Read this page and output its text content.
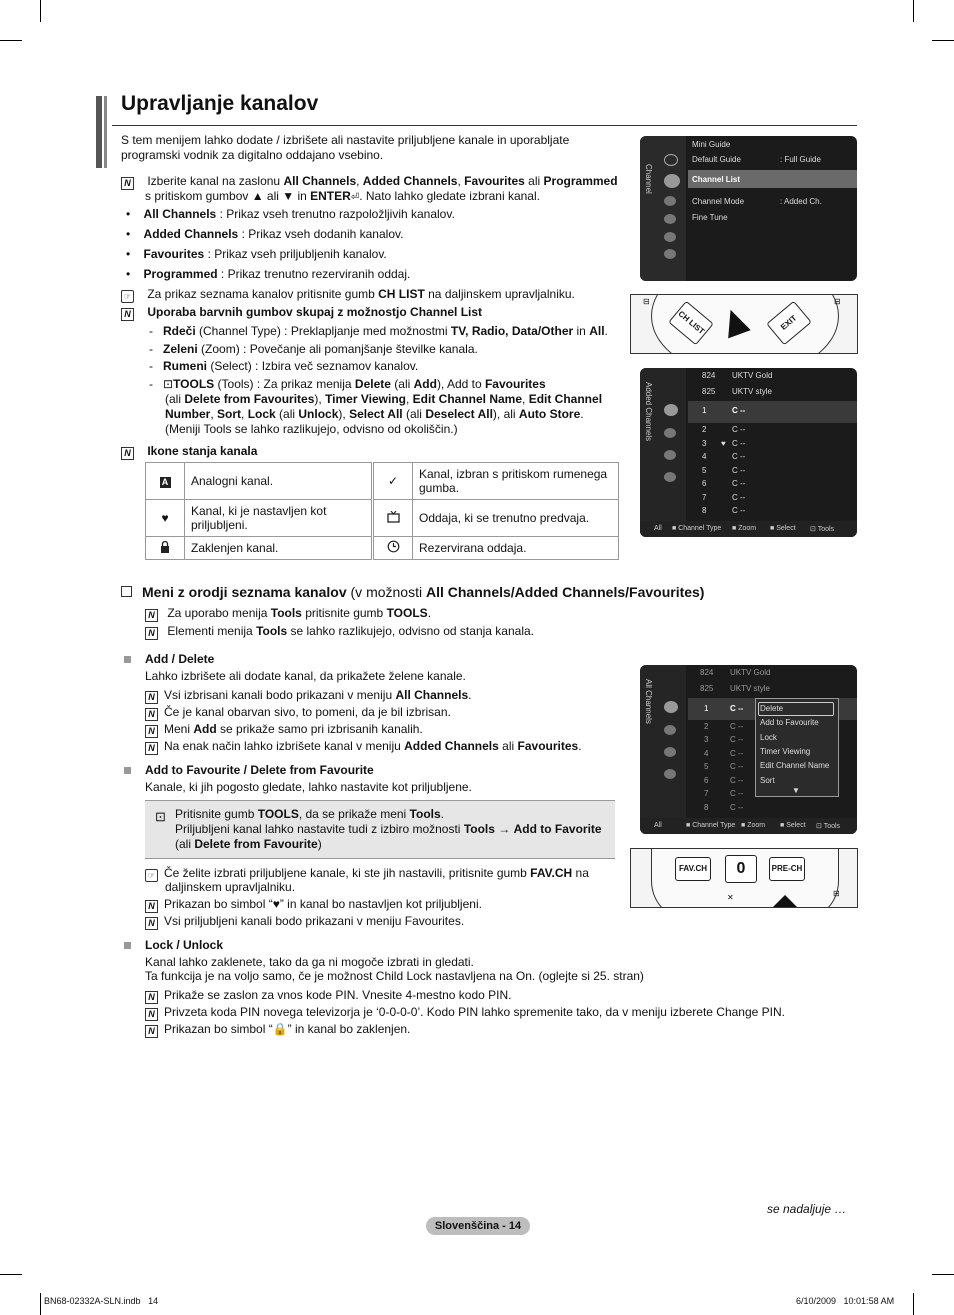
Upravljanje kanalov
S tem menijem lahko dodate / izbrišete ali nastavite priljubljene kanale in uporabljate programski vodnik za digitalno oddajano vsebino.
N Izberite kanal na zaslonu All Channels, Added Channels, Favourites ali Programmed
s pritiskom gumbov ▲ ali ▼ in ENTER⏎. Nato lahko gledate izbrani kanal.
•    All Channels : Prikaz vseh trenutno razpoložljivih kanalov.
•    Added Channels : Prikaz vseh dodanih kanalov.
•    Favourites : Prikaz vseh priljubljenih kanalov.
•    Programmed : Prikaz trenutno rezerviranih oddaj.
☞ Za prikaz seznama kanalov pritisnite gumb CH LIST na daljinskem upravljalniku.
N Uporaba barvnih gumbov skupaj z možnostjo Channel List
-   Rdeči (Channel Type) : Preklapljanje med možnostmi TV, Radio, Data/Other in All.
-   Zeleni (Zoom) : Povečanje ali pomanjšanje številke kanala.
-   Rumeni (Select) : Izbira več seznamov kanalov.
-   ⊡TOOLS (Tools) : Za prikaz menija Delete (ali Add), Add to Favourites
(ali Delete from Favourites), Timer Viewing, Edit Channel Name, Edit Channel
Number, Sort, Lock (ali Unlock), Select All (ali Deselect All), ali Auto Store.
(Meniji Tools se lahko razlikujejo, odvisno od okoliščin.)
N Ikone stanja kanala
A	Analogni kanal.	✓	Kanal, izbran s pritiskom rumenega gumba.
♥	Kanal, ki je nastavljen kot priljubljeni.		Oddaja, ki se trenutno predvaja.
	Zaklenjen kanal.		Rezervirana oddaja.
Meni z orodji seznama kanalov (v možnosti All Channels/Added Channels/Favourites)
N Za uporabo menija Tools pritisnite gumb TOOLS.
N Elementi menija Tools se lahko razlikujejo, odvisno od stanja kanala.
Add / Delete
Lahko izbrišete ali dodate kanal, da prikažete želene kanale.
N Vsi izbrisani kanali bodo prikazani v meniju All Channels.
N Če je kanal obarvan sivo, to pomeni, da je bil izbrisan.
N Meni Add se prikaže samo pri izbrisanih kanalih.
N Na enak način lahko izbrišete kanal v meniju Added Channels ali Favourites.
Add to Favourite / Delete from Favourite
Kanale, ki jih pogosto gledate, lahko nastavite kot priljubljene.
⊡ Pritisnite gumb TOOLS, da se prikaže meni Tools.
Priljubljeni kanal lahko nastavite tudi z izbiro možnosti Tools → Add to Favorite
(ali Delete from Favourite)
☞ Če želite izbrati priljubljene kanale, ki ste jih nastavili, pritisnite gumb FAV.CH na
daljinskem upravljalniku.
N Prikazan bo simbol “♥” in kanal bo nastavljen kot priljubljeni.
N Vsi priljubljeni kanali bodo prikazani v meniju Favourites.
Lock / Unlock
Kanal lahko zaklenete, tako da ga ni mogoče izbrati in gledati.
Ta funkcija je na voljo samo, če je možnost Child Lock nastavljena na On. (oglejte si 25. stran)
N Prikaže se zaslon za vnos kode PIN. Vnesite 4-mestno kodo PIN.
N Privzeta koda PIN novega televizorja je ‘0-0-0-0’. Kodo PIN lahko spremenite tako, da v meniju izberete Change PIN.
N Prikazan bo simbol “🔒” in kanal bo zaklenjen.
Channel
Mini Guide
Default Guide	: Full Guide
Channel List
Channel Mode	: Added Ch.
Fine Tune
CH LIST	EXIT
⊟	⊟
Added Channels
824 UKTV Gold
825 UKTV style
1	C --
2	C --
3 ♥ C --
4	C --
5	C --
6	C --
7	C --
8	C --
All ■ Channel Type ■ Zoom ■ Select ⊡ Tools
All Channels
824 UKTV Gold
825 UKTV style
1	C --
2	C --
3	C --
4	C --
5	C --
6	C --
7	C --
8	C --
Delete
Add to Favourite
Lock
Timer Viewing
Edit Channel Name
Sort
▼
All	■ Channel Type ■ Zoom ■ Select ⊡ Tools
FAV.CH	0	PRE-CH
✕	⊟
se nadaljuje …
Slovenščina - 14
BN68-02332A-SLN.indb   14	6/10/2009   10:01:58 AM
